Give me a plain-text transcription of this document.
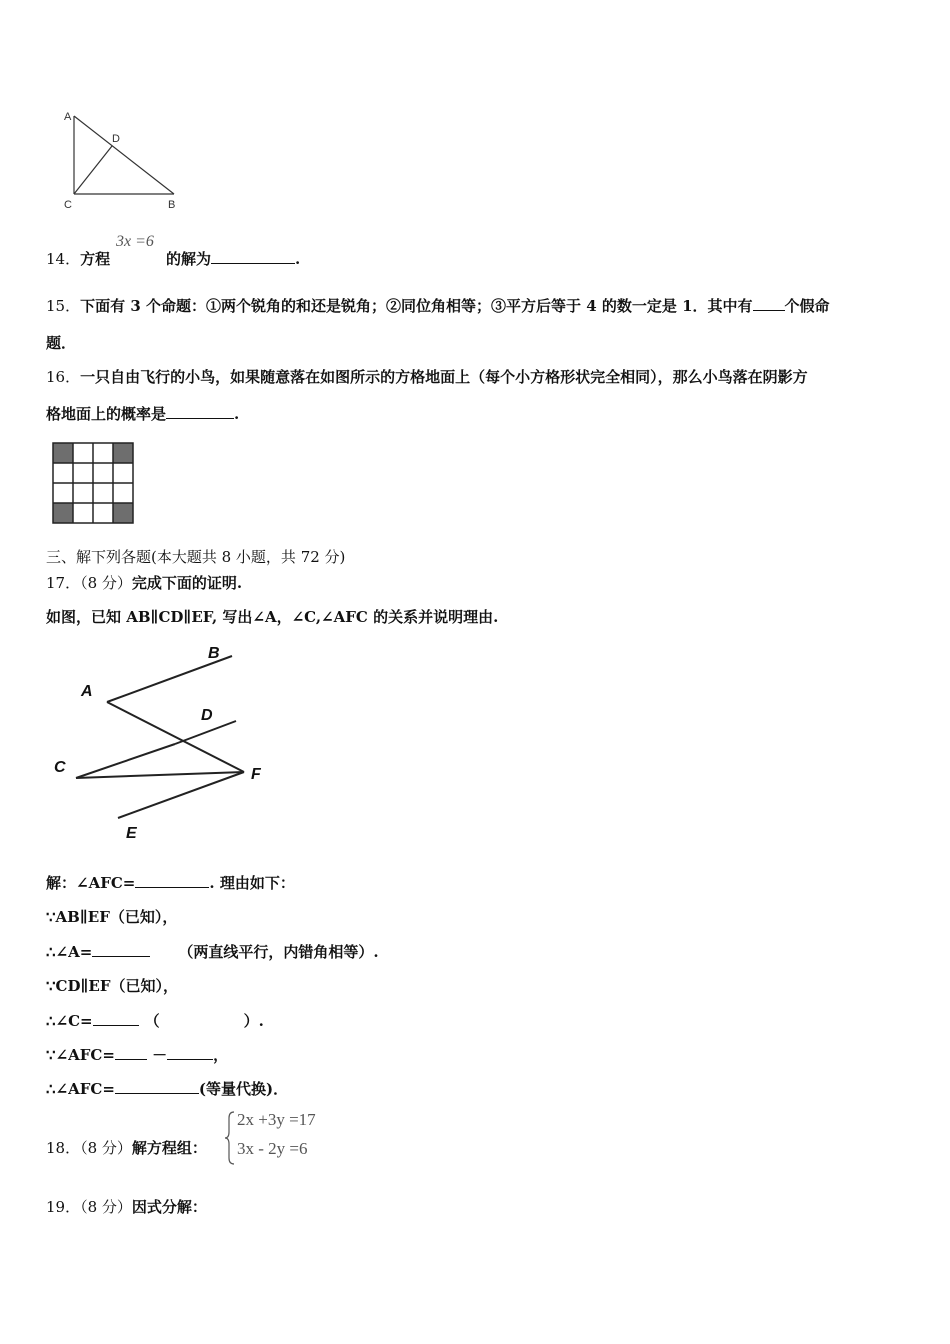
A
D
C	B
14．方程
3x =6
的解为	.
15．下面有 3 个命题：①两个锐角的和还是锐角；②同位角相等；③平方后等于 4 的数一定是 1．其中有 个假命
题．
16．一只自由飞行的小鸟，如果随意落在如图所示的方格地面上（每个小方格形状完全相同），那么小鸟落在阴影方
格地面上的概率是	.
三、解下列各题(本大题共 8 小题，共 72 分)
17．（8 分）完成下面的证明.
如图，已知 AB∥CD∥EF, 写出∠A，∠C,∠AFC 的关系并说明理由.
B
A
D
C	F
E
解：∠AFC=	. 理由如下：
∵AB∥EF（已知），
∴∠A=	（两直线平行，内错角相等）.
∵CD∥EF（已知），
∴∠C=	（	）.
∵∠AFC= －	，
∴∠AFC=	(等量代换)．
18．（8 分）解方程组：
2x +3y =17
3x - 2y =6
19．（8 分）因式分解：
